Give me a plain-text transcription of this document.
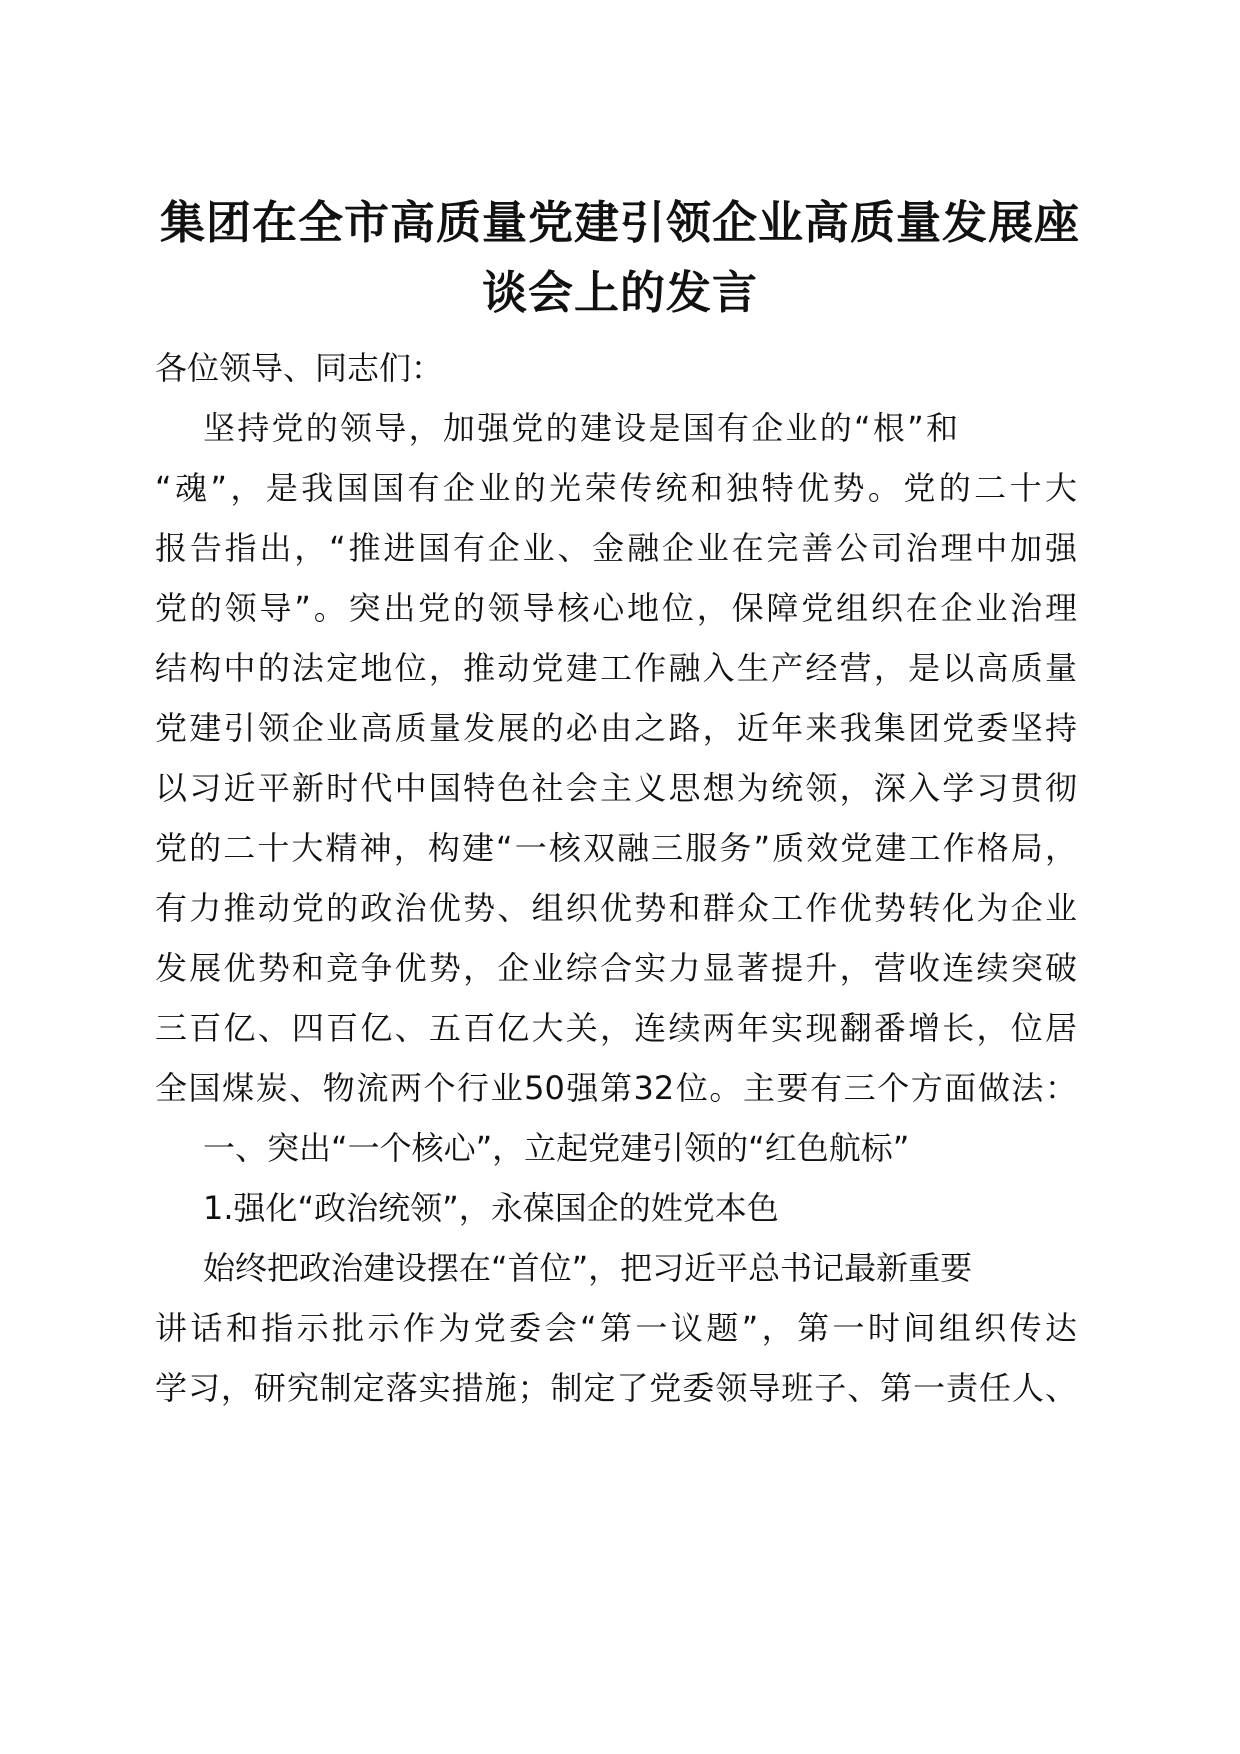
集团在全市高质量党建引领企业高质量发展座
谈会上的发言

各位领导、同志们：

坚持党的领导，加强党的建设是国有企业的“根”和

“魂”，是我国国有企业的光荣传统和独特优势。党的二十大

报告指出，“推进国有企业、金融企业在完善公司治理中加强

党的领导”。突出党的领导核心地位，保障党组织在企业治理

结构中的法定地位，推动党建工作融入生产经营，是以高质量

党建引领企业高质量发展的必由之路，近年来我集团党委坚持

以习近平新时代中国特色社会主义思想为统领，深入学习贯彻

党的二十大精神，构建“一核双融三服务”质效党建工作格局，

有力推动党的政治优势、组织优势和群众工作优势转化为企业

发展优势和竞争优势，企业综合实力显著提升，营收连续突破

三百亿、四百亿、五百亿大关，连续两年实现翻番增长，位居

全国煤炭、物流两个行业50强第32位。主要有三个方面做法：

一、突出“一个核心”，立起党建引领的“红色航标”

1.强化“政治统领”，永葆国企的姓党本色

始终把政治建设摆在“首位”，把习近平总书记最新重要

讲话和指示批示作为党委会“第一议题”，第一时间组织传达

学习，研究制定落实措施；制定了党委领导班子、第一责任人、
